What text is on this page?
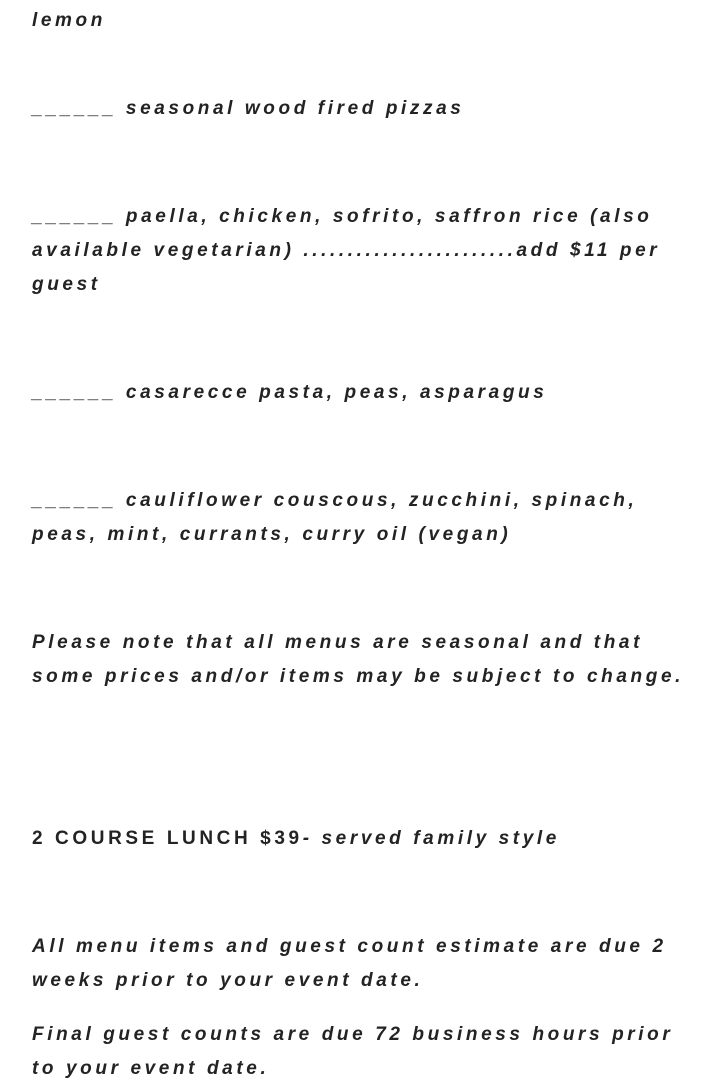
lemon

______ seasonal wood fired pizzas

______ paella, chicken, sofrito, saffron rice (also available vegetarian) ........................add $11 per guest

______ casarecce pasta, peas, asparagus

______ cauliflower couscous, zucchini, spinach, peas, mint, currants, curry oil (vegan)

Please note that all menus are seasonal and that some prices and/or items may be subject to change.

2 COURSE LUNCH $39- served family style

All menu items and guest count estimate are due 2 weeks prior to your event date.

Final guest counts are due 72 business hours prior to your event date.
